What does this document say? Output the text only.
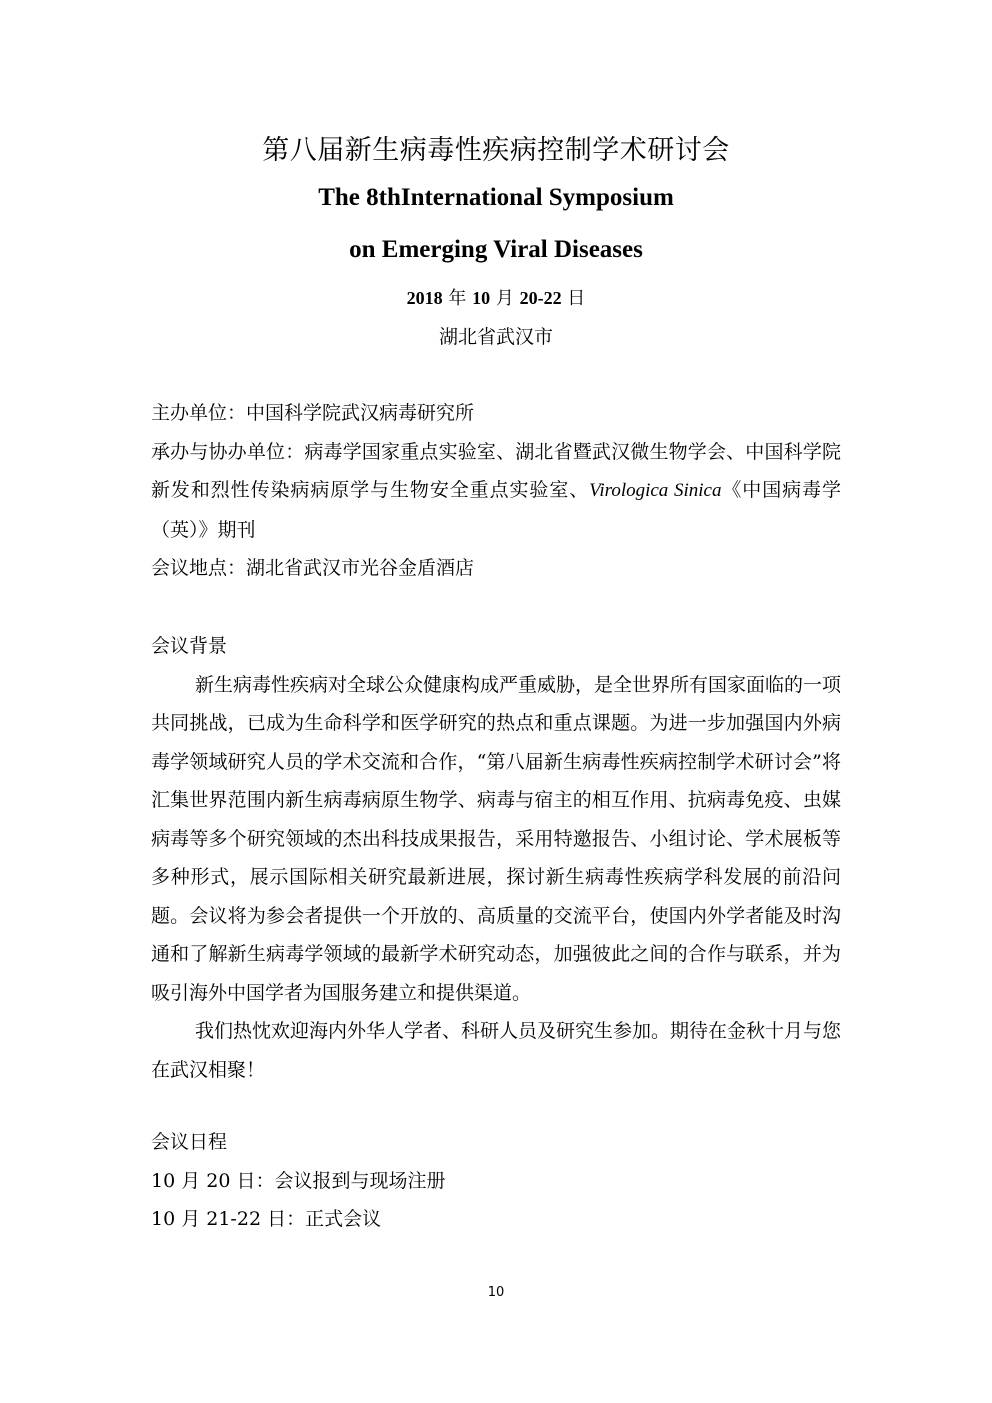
第八届新生病毒性疾病控制学术研讨会
The 8thInternational Symposium
on Emerging Viral Diseases
2018 年 10 月 20-22 日
湖北省武汉市

主办单位：中国科学院武汉病毒研究所

承办与协办单位：病毒学国家重点实验室、湖北省暨武汉微生物学会、中国科学院新发和烈性传染病病原学与生物安全重点实验室、Virologica Sinica《中国病毒学（英）》期刊

会议地点：湖北省武汉市光谷金盾酒店

会议背景

新生病毒性疾病对全球公众健康构成严重威胁，是全世界所有国家面临的一项共同挑战，已成为生命科学和医学研究的热点和重点课题。为进一步加强国内外病毒学领域研究人员的学术交流和合作，“第八届新生病毒性疾病控制学术研讨会”将汇集世界范围内新生病毒病原生物学、病毒与宿主的相互作用、抗病毒免疫、虫媒病毒等多个研究领域的杰出科技成果报告，采用特邀报告、小组讨论、学术展板等多种形式，展示国际相关研究最新进展，探讨新生病毒性疾病学科发展的前沿问题。会议将为参会者提供一个开放的、高质量的交流平台，使国内外学者能及时沟通和了解新生病毒学领域的最新学术研究动态，加强彼此之间的合作与联系，并为吸引海外中国学者为国服务建立和提供渠道。

我们热忱欢迎海内外华人学者、科研人员及研究生参加。期待在金秋十月与您在武汉相聚！

会议日程

10 月 20 日：会议报到与现场注册

10 月 21-22 日：正式会议

10
